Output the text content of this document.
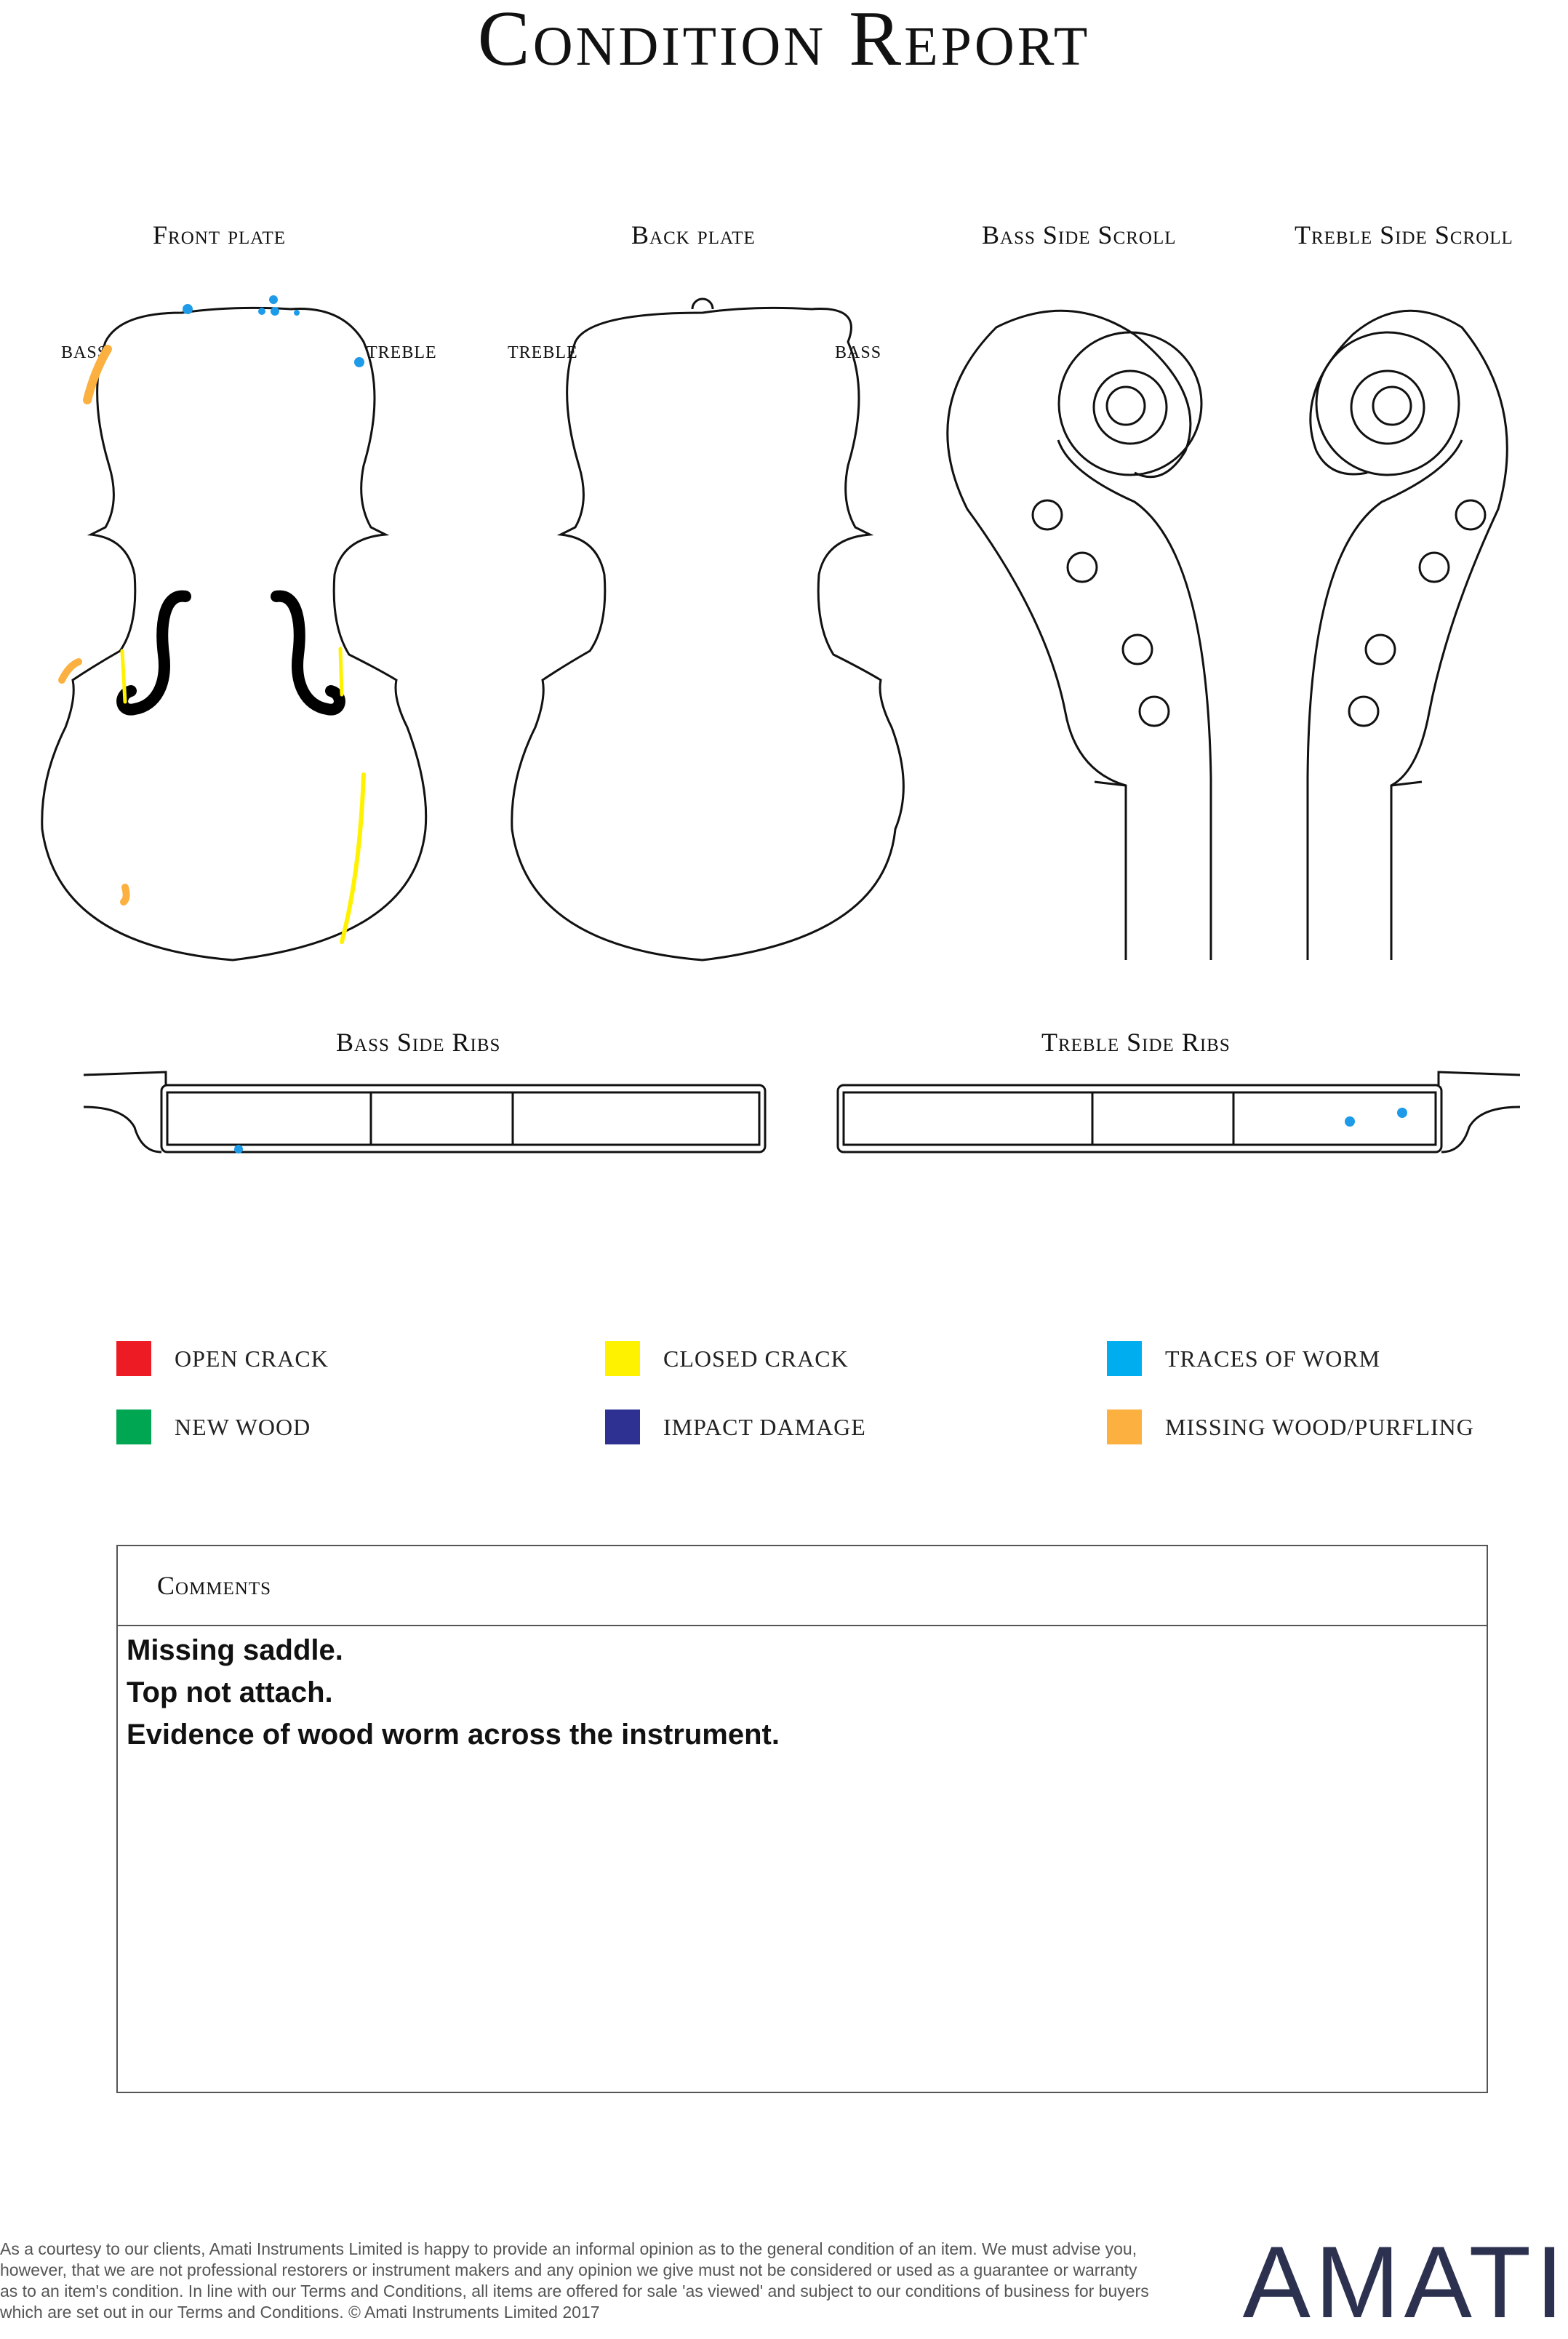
Condition Report
Front plate	Back plate	Bass Side Scroll	Treble Side Scroll
Bass Side Ribs	Treble Side Ribs
BASS	TREBLE	TREBLE	BASS
OPEN CRACK	CLOSED CRACK	TRACES OF WORM
NEW WOOD	IMPACT DAMAGE	MISSING WOOD/PURFLING
Comments
Missing saddle.
Top not attach.
Evidence of wood worm across the instrument.
As a courtesy to our clients, Amati Instruments Limited is happy to provide an informal opinion as to the general condition of an item. We must advise you, however, that we are not professional restorers or instrument makers and any opinion we give must not be considered or used as a guarantee or warranty as to an item's condition. In line with our Terms and Conditions, all items are offered for sale 'as viewed' and subject to our conditions of business for buyers which are set out in our Terms and Conditions. © Amati Instruments Limited 2017	AMATI
